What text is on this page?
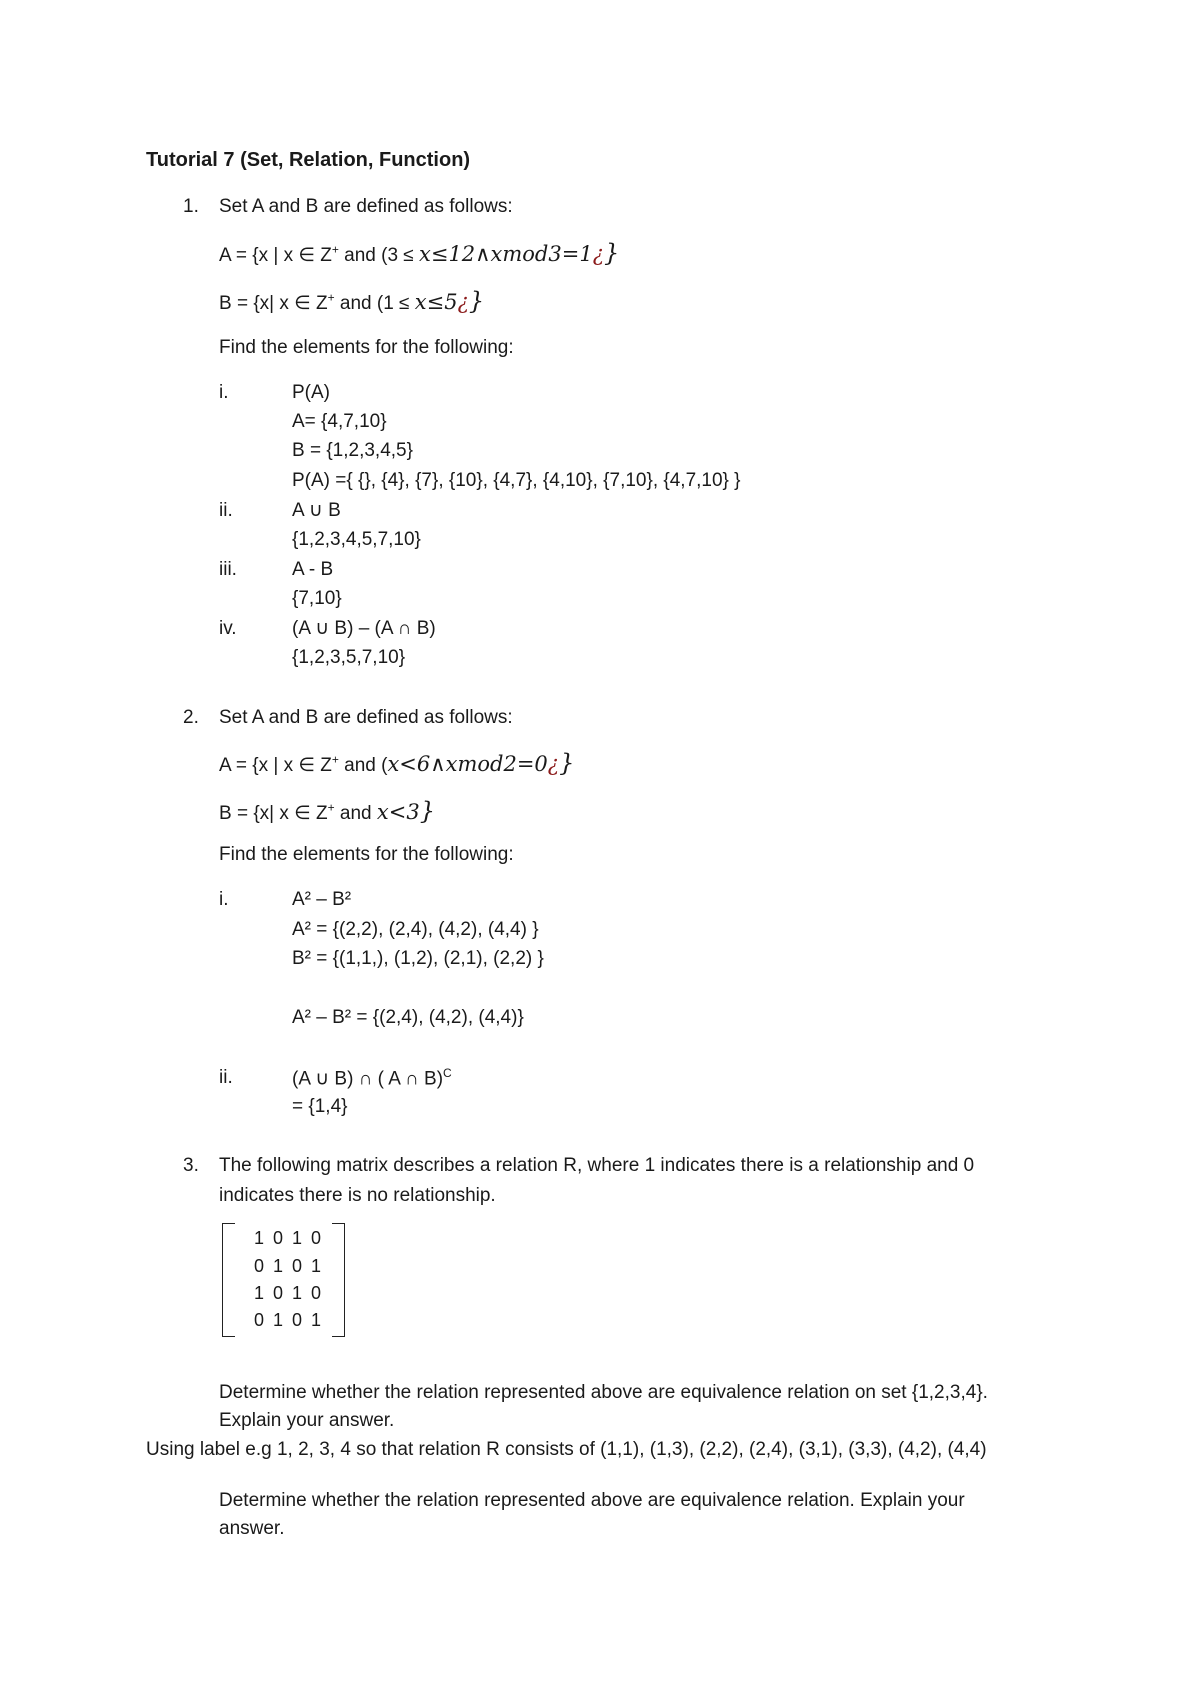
Tutorial 7 (Set, Relation, Function)
1. Set A and B are defined as follows:
A = {x | x ∈ Z+ and (3 ≤ x≤12∧xmod3=1¿}
B = {x| x ∈ Z+ and (1 ≤ x≤5¿}
Find the elements for the following:
i.	P(A)
A= {4,7,10}
B = {1,2,3,4,5}
P(A) ={ {}, {4}, {7}, {10}, {4,7}, {4,10}, {7,10}, {4,7,10} }
ii.	A ∪ B
{1,2,3,4,5,7,10}
iii.	A - B
{7,10}
iv.	(A ∪ B) – (A ∩ B)
{1,2,3,5,7,10}
2. Set A and B are defined as follows:
A = {x | x ∈ Z+ and (x<6∧xmod2=0¿}
B = {x| x ∈ Z+ and x<3}
Find the elements for the following:
i.	A² – B²
A² = {(2,2), (2,4), (4,2), (4,4) }
B² = {(1,1,), (1,2), (2,1), (2,2) }
A² – B² = {(2,4), (4,2), (4,4)}
ii.	(A ∪ B) ∩ ( A ∩ B)$^C$
= {1,4}
3. The following matrix describes a relation R, where 1 indicates there is a relationship and 0
indicates there is no relationship.
1 0 1 0
0 1 0 1
1 0 1 0
0 1 0 1
Determine whether the relation represented above are equivalence relation on set {1,2,3,4}.
Explain your answer.
Using label e.g 1, 2, 3, 4 so that relation R consists of (1,1), (1,3), (2,2), (2,4), (3,1), (3,3), (4,2), (4,4)
Determine whether the relation represented above are equivalence relation. Explain your
answer.
